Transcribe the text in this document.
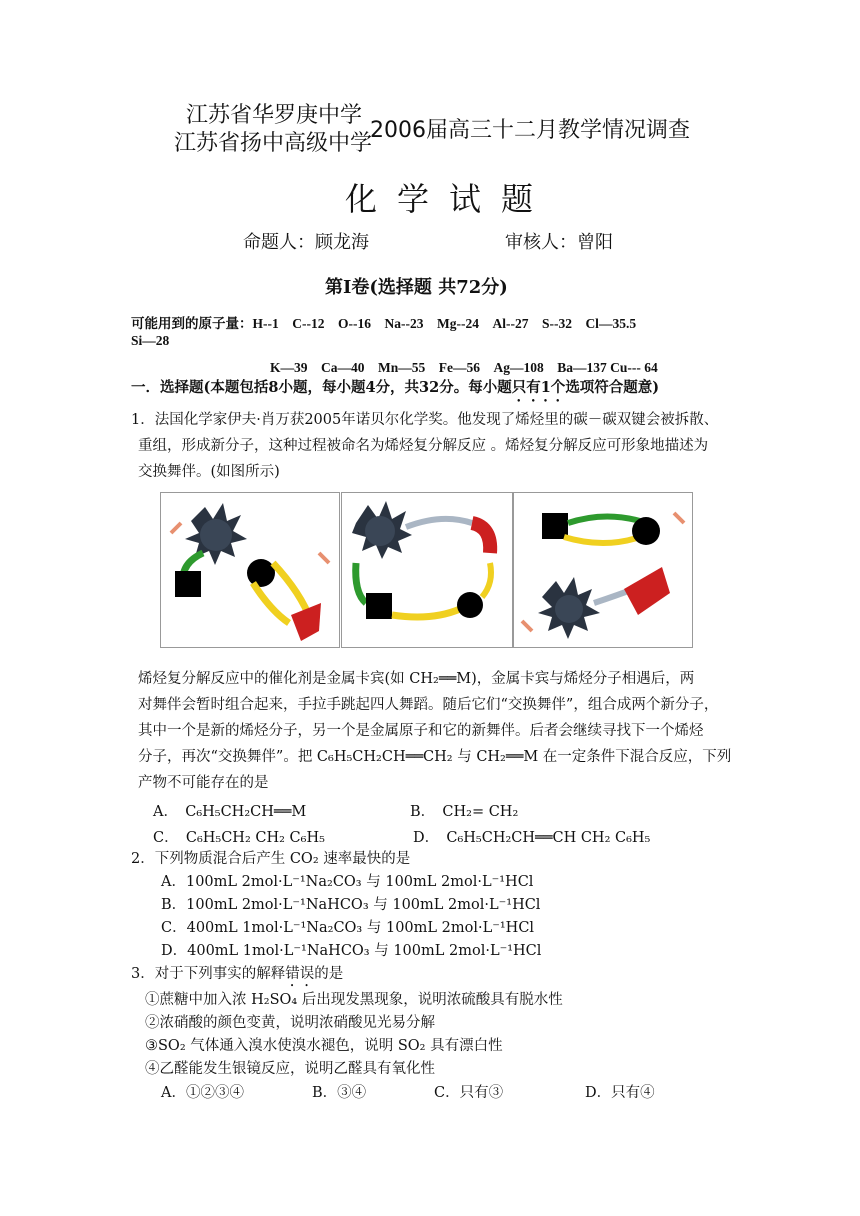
江苏省华罗庚中学
江苏省扬中高级中学
2006届高三十二月教学情况调查
化学试题
命题人：顾龙海	审核人：曾阳
第I卷(选择题 共72分)
可能用到的原子量：H--1　C--12　O--16　Na--23　Mg--24　Al--27　S--32　Cl—35.5
Si—28
K—39　Ca—40　Mn—55　Fe—56　Ag—108　Ba—137 Cu--- 64
一．选择题(本题包括8小题，每小题4分，共32分。每小题只有1个选项符合题意)
1．法国化学家伊夫·肖万获2005年诺贝尔化学奖。他发现了烯烃里的碳－碳双键会被拆散、
重组，形成新分子，这种过程被命名为烯烃复分解反应 。烯烃复分解反应可形象地描述为
交换舞伴。(如图所示)
烯烃复分解反应中的催化剂是金属卡宾(如 CH₂══M)，金属卡宾与烯烃分子相遇后，两
对舞伴会暂时组合起来，手拉手跳起四人舞蹈。随后它们“交换舞伴”，组合成两个新分子，
其中一个是新的烯烃分子，另一个是金属原子和它的新舞伴。后者会继续寻找下一个烯烃
分子，再次“交换舞伴”。把 C₆H₅CH₂CH══CH₂ 与 CH₂══M 在一定条件下混合反应，下列
产物不可能存在的是
A．　C₆H₅CH₂CH══M	B．　CH₂= CH₂
C．　C₆H₅CH₂ CH₂ C₆H₅	D．　C₆H₅CH₂CH══CH CH₂ C₆H₅
2．下列物质混合后产生 CO₂ 速率最快的是
A．100mL 2mol·L⁻¹Na₂CO₃ 与 100mL 2mol·L⁻¹HCl
B．100mL 2mol·L⁻¹NaHCO₃ 与 100mL 2mol·L⁻¹HCl
C．400mL 1mol·L⁻¹Na₂CO₃ 与 100mL 2mol·L⁻¹HCl
D．400mL 1mol·L⁻¹NaHCO₃ 与 100mL 2mol·L⁻¹HCl
3．对于下列事实的解释错误的是
①蔗糖中加入浓 H₂SO₄ 后出现发黑现象，说明浓硫酸具有脱水性
②浓硝酸的颜色变黄，说明浓硝酸见光易分解
③SO₂ 气体通入溴水使溴水褪色，说明 SO₂ 具有漂白性
④乙醛能发生银镜反应，说明乙醛具有氧化性
A．①②③④	B．③④	C．只有③	D．只有④
